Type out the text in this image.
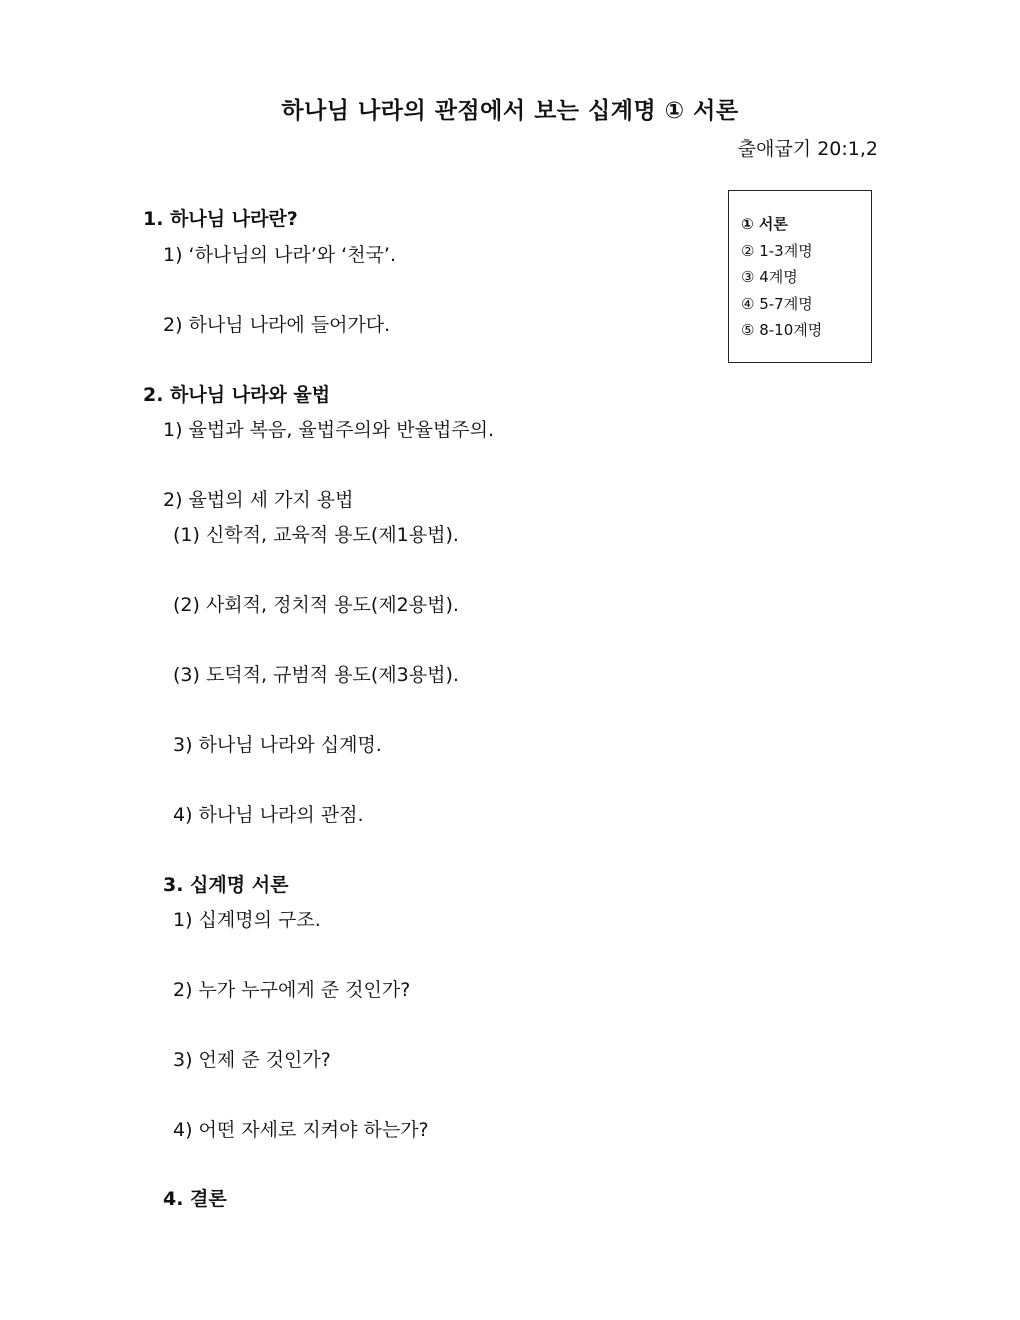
하나님 나라의 관점에서 보는 십계명 ① 서론
출애굽기 20:1,2
① 서론
② 1-3계명
③ 4계명
④ 5-7계명
⑤ 8-10계명
1. 하나님 나라란?
1) ‘하나님의 나라’와 ‘천국’.
2) 하나님 나라에 들어가다.
2. 하나님 나라와 율법
1) 율법과 복음, 율법주의와 반율법주의.
2) 율법의 세 가지 용법
(1) 신학적, 교육적 용도(제1용법).
(2) 사회적, 정치적 용도(제2용법).
(3) 도덕적, 규범적 용도(제3용법).
3) 하나님 나라와 십계명.
4) 하나님 나라의 관점.
3. 십계명 서론
1) 십계명의 구조.
2) 누가 누구에게 준 것인가?
3) 언제 준 것인가?
4) 어떤 자세로 지켜야 하는가?
4. 결론
